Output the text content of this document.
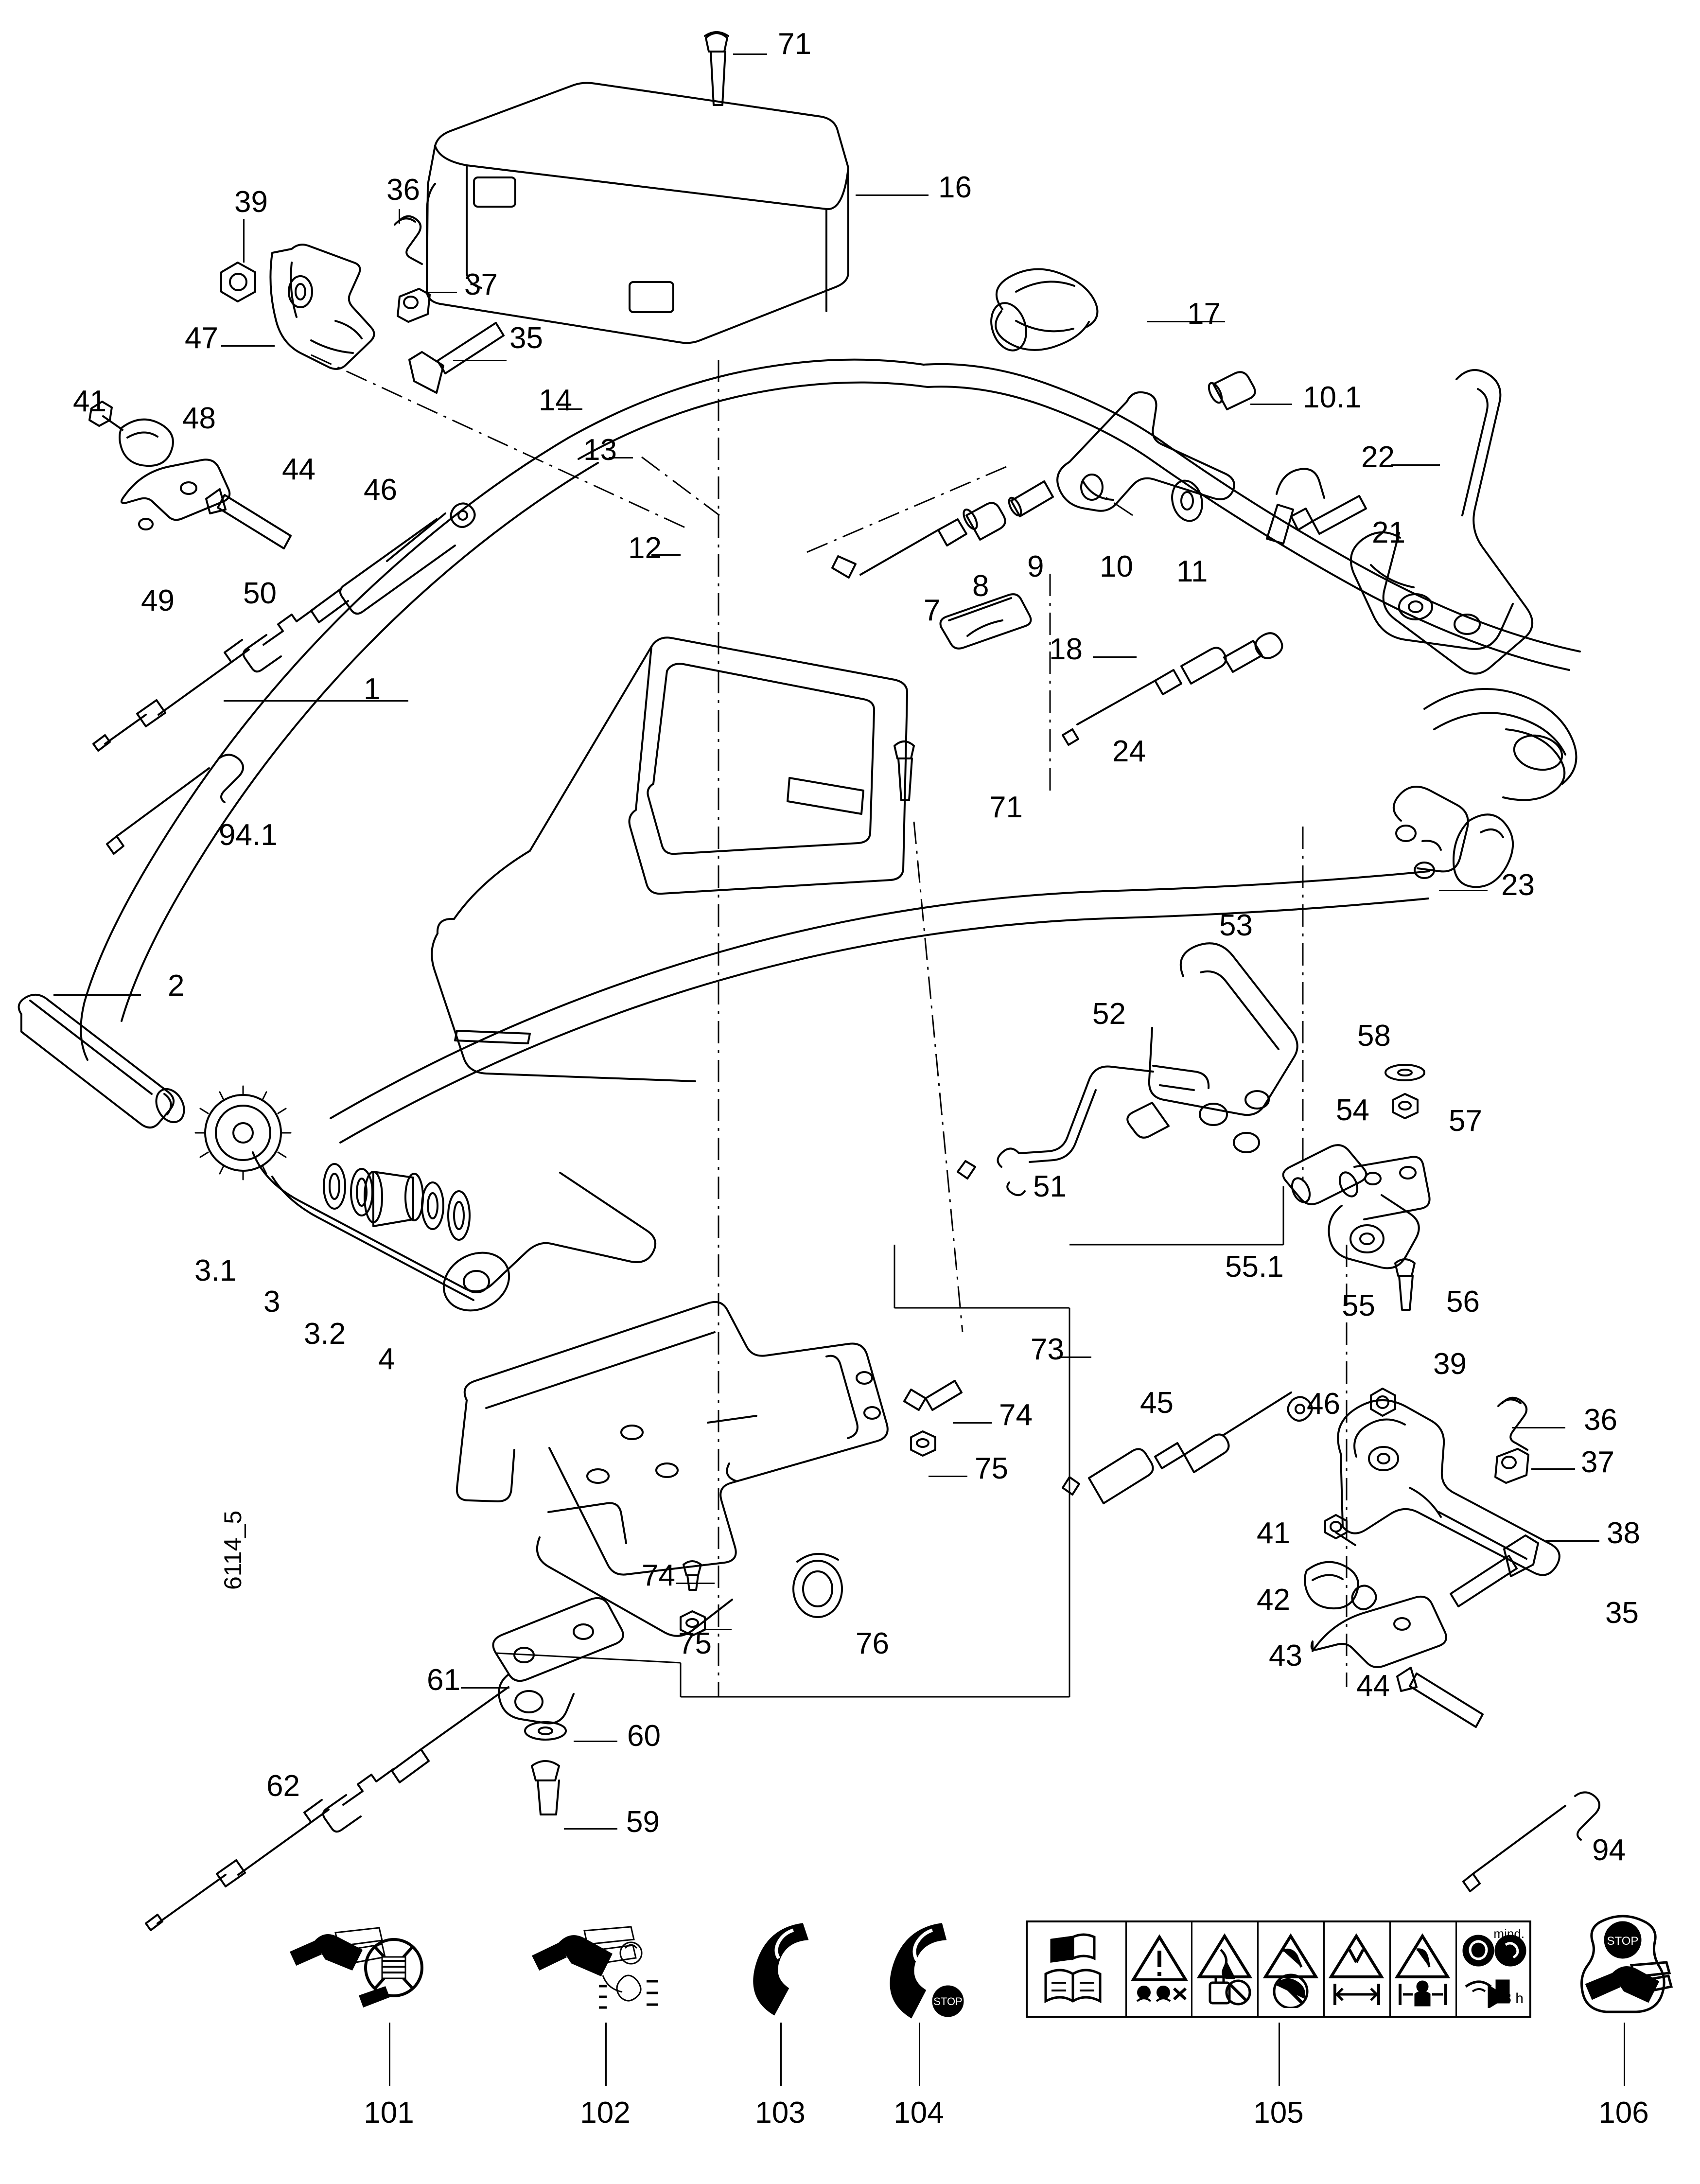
71
16
39	36
37
47	35
41
48
14
13
12
44
46
49 50
17
10.1
22
21
7
8
9 10 11
18
1
24
71
94.1
23
2
53
52
58
57
54
51
55.1
55 56
3.1
3
3.2
4	73
74
75
45	46
39
36
37
38
41
42	35
43
44
74
75	76
61
60
59
62
94
6114_5
101	102	103
STOP
104
mind.
8 h
105
STOP
106
